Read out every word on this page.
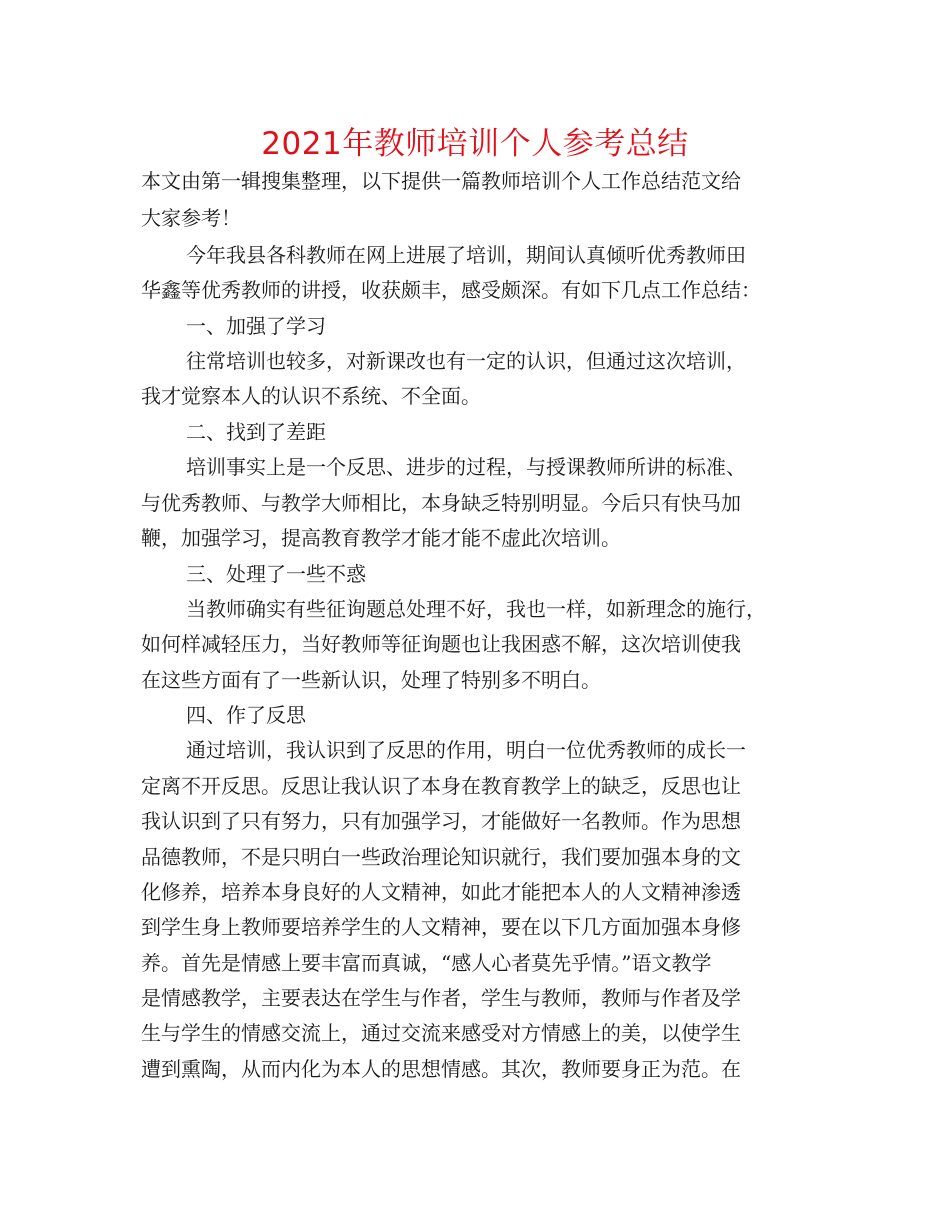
2021年教师培训个人参考总结
本文由第一辑搜集整理，以下提供一篇教师培训个人工作总结范文给
大家参考！
今年我县各科教师在网上进展了培训，期间认真倾听优秀教师田
华鑫等优秀教师的讲授，收获颇丰，感受颇深。有如下几点工作总结：
一、加强了学习
往常培训也较多，对新课改也有一定的认识，但通过这次培训，
我才觉察本人的认识不系统、不全面。
二、找到了差距
培训事实上是一个反思、进步的过程，与授课教师所讲的标准、
与优秀教师、与教学大师相比，本身缺乏特别明显。今后只有快马加
鞭，加强学习，提高教育教学才能才能不虚此次培训。
三、处理了一些不惑
当教师确实有些征询题总处理不好，我也一样，如新理念的施行，
如何样减轻压力，当好教师等征询题也让我困惑不解，这次培训使我
在这些方面有了一些新认识，处理了特别多不明白。
四、作了反思
通过培训，我认识到了反思的作用，明白一位优秀教师的成长一
定离不开反思。反思让我认识了本身在教育教学上的缺乏，反思也让
我认识到了只有努力，只有加强学习，才能做好一名教师。作为思想
品德教师，不是只明白一些政治理论知识就行，我们要加强本身的文
化修养，培养本身良好的人文精神，如此才能把本人的人文精神渗透
到学生身上教师要培养学生的人文精神，要在以下几方面加强本身修
养。首先是情感上要丰富而真诚，“感人心者莫先乎情。”语文教学
是情感教学，主要表达在学生与作者，学生与教师，教师与作者及学
生与学生的情感交流上，通过交流来感受对方情感上的美，以使学生
遭到熏陶，从而内化为本人的思想情感。其次，教师要身正为范。在
